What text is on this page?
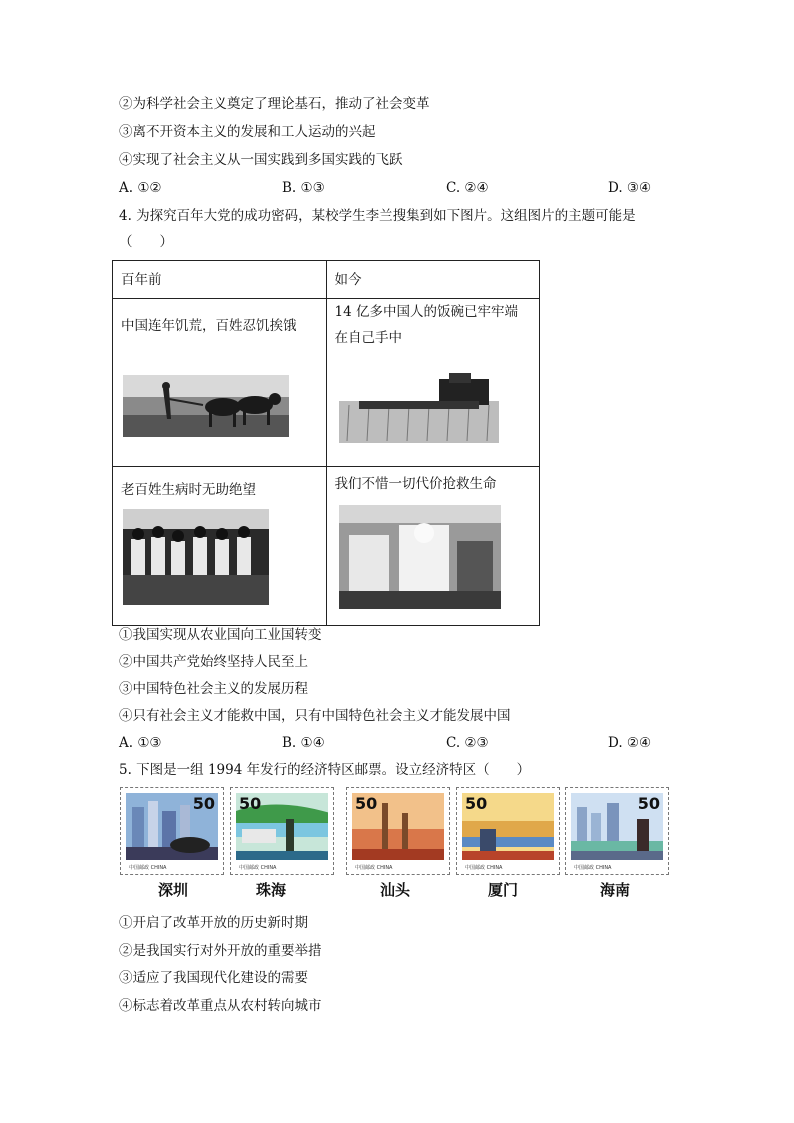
②为科学社会主义奠定了理论基石，推动了社会变革
③离不开资本主义的发展和工人运动的兴起
④实现了社会主义从一国实践到多国实践的飞跃
A. ①②	B. ①③	C. ②④	D. ③④
4. 为探究百年大党的成功密码，某校学生李兰搜集到如下图片。这组图片的主题可能是
（　　）
百年前	如今

中国连年饥荒，百姓忍饥挨饿	14 亿多中国人的饭碗已牢牢端
在自己手中

老百姓生病时无助绝望	我们不惜一切代价抢救生命
①我国实现从农业国向工业国转变
②中国共产党始终坚持人民至上
③中国特色社会主义的发展历程
④只有社会主义才能救中国，只有中国特色社会主义才能发展中国
A. ①③	B. ①④	C. ②③	D. ②④
5. 下图是一组 1994 年发行的经济特区邮票。设立经济特区（　　）
50
中国邮政 CHINA
50
中国邮政 CHINA
50
中国邮政 CHINA
50
中国邮政 CHINA
50
中国邮政 CHINA
深圳	珠海	汕头	厦门	海南
①开启了改革开放的历史新时期
②是我国实行对外开放的重要举措
③适应了我国现代化建设的需要
④标志着改革重点从农村转向城市
